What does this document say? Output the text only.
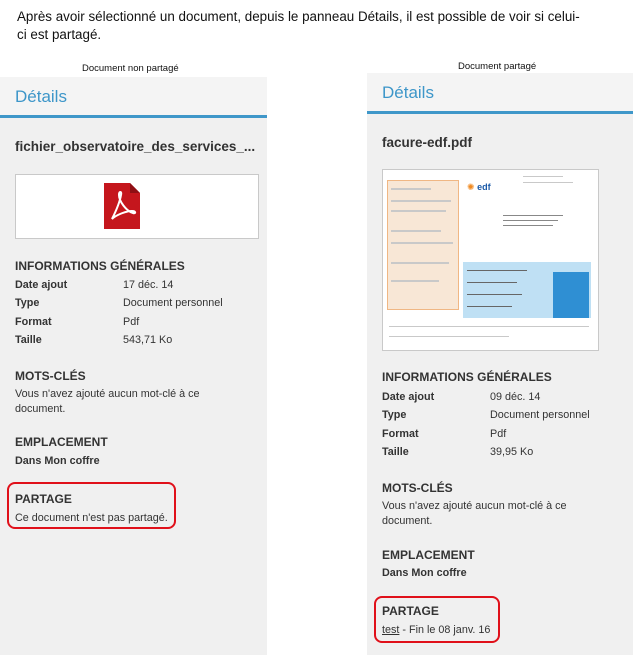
Après avoir sélectionné un document, depuis le panneau Détails, il est possible de voir si celui-
ci est partagé.
Document non partagé	Document partagé
Détails
fichier_observatoire_des_services_...
INFORMATIONS GÉNÉRALES
Date ajout	17 déc. 14
Type	Document personnel
Format	Pdf
Taille	543,71 Ko
MOTS-CLÉS
Vous n'avez ajouté aucun mot-clé à ce
document.
EMPLACEMENT
Dans Mon coffre
PARTAGE
Ce document n'est pas partagé.
Détails
facure-edf.pdf
✺ edf
INFORMATIONS GÉNÉRALES
Date ajout	09 déc. 14
Type	Document personnel
Format	Pdf
Taille	39,95 Ko
MOTS-CLÉS
Vous n'avez ajouté aucun mot-clé à ce
document.
EMPLACEMENT
Dans Mon coffre
PARTAGE
test - Fin le 08 janv. 16
